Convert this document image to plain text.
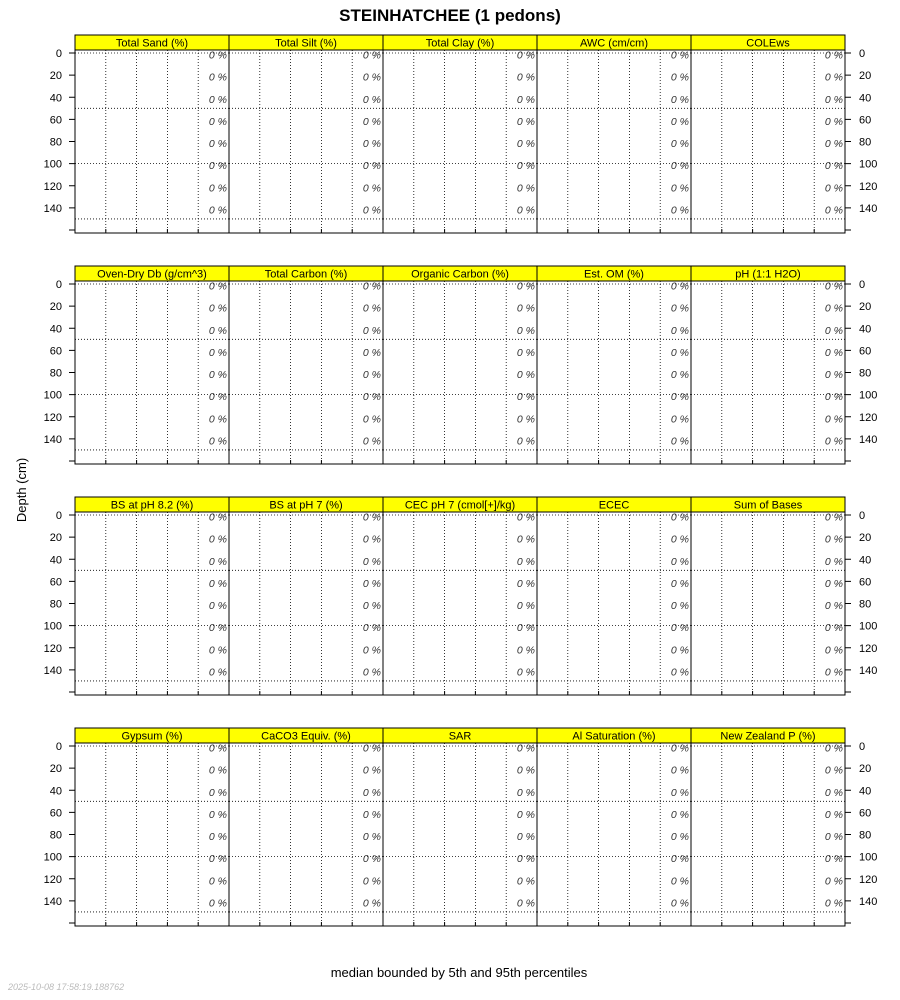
STEINHATCHEE (1 pedons)
Total Sand (%)
0 %
0 %
0 %
0 %
0 %
0 %
0 %
0 %
Total Silt (%)
0 %
0 %
0 %
0 %
0 %
0 %
0 %
0 %
Total Clay (%)
0 %
0 %
0 %
0 %
0 %
0 %
0 %
0 %
AWC (cm/cm)
0 %
0 %
0 %
0 %
0 %
0 %
0 %
0 %
COLEws
0 %
0 %
0 %
0 %
0 %
0 %
0 %
0 %
0	0
20	20
40	40
60	60
80	80
100	100
120	120
140	140
Oven-Dry Db (g/cm^3)
0 %
0 %
0 %
0 %
0 %
0 %
0 %
0 %
Total Carbon (%)
0 %
0 %
0 %
0 %
0 %
0 %
0 %
0 %
Organic Carbon (%)
0 %
0 %
0 %
0 %
0 %
0 %
0 %
0 %
Est. OM (%)
0 %
0 %
0 %
0 %
0 %
0 %
0 %
0 %
pH (1:1 H2O)
0 %
0 %
0 %
0 %
0 %
0 %
0 %
0 %
0	0
20	20
40	40
60	60
80	80
100	100
120	120
140	140
BS at pH 8.2 (%)
0 %
0 %
0 %
0 %
0 %
0 %
0 %
0 %
BS at pH 7 (%)
0 %
0 %
0 %
0 %
0 %
0 %
0 %
0 %
CEC pH 7 (cmol[+]/kg)
0 %
0 %
0 %
0 %
0 %
0 %
0 %
0 %
ECEC
0 %
0 %
0 %
0 %
0 %
0 %
0 %
0 %
Sum of Bases
0 %
0 %
0 %
0 %
0 %
0 %
0 %
0 %
0	0
20	20
40	40
60	60
80	80
100	100
120	120
140	140
Gypsum (%)
0 %
0 %
0 %
0 %
0 %
0 %
0 %
0 %
CaCO3 Equiv. (%)
0 %
0 %
0 %
0 %
0 %
0 %
0 %
0 %
SAR
0 %
0 %
0 %
0 %
0 %
0 %
0 %
0 %
Al Saturation (%)
0 %
0 %
0 %
0 %
0 %
0 %
0 %
0 %
New Zealand P (%)
0 %
0 %
0 %
0 %
0 %
0 %
0 %
0 %
0	0
20	20
40	40
60	60
80	80
100	100
120	120
140	140
Depth (cm)
median bounded by 5th and 95th percentiles
2025-10-08 17:58:19.188762
